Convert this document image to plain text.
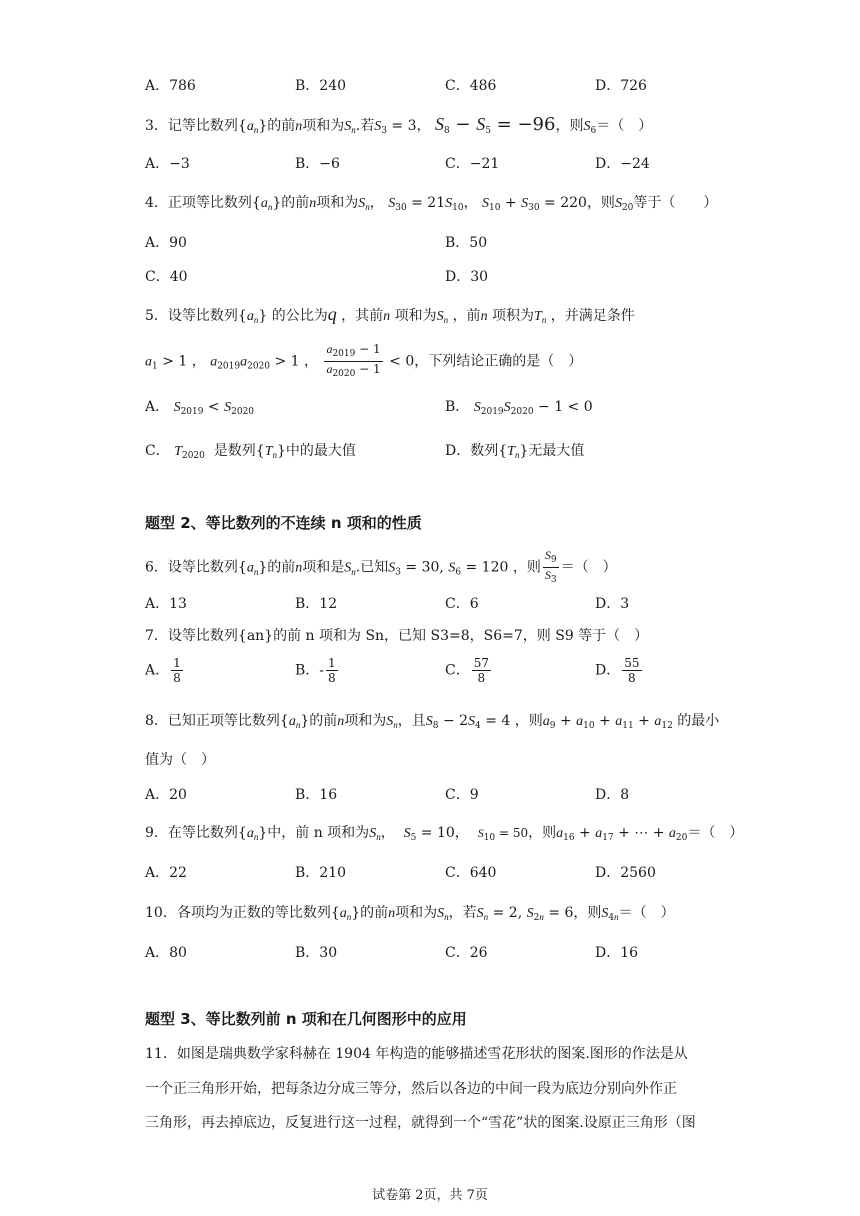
A．786	B．240	C．486	D．726
3．记等比数列$\{a_n\}$的前n项和为$S_n$.若$S_3 = 3$， $S_8 - S_5 = -96$，则$S_6=$（　）
A．−3	B．−6	C．−21	D．−24
4．正项等比数列$\{a_n\}$的前n项和为$S_n$， $S_{30} = 21S_{10}$， $S_{10} + S_{30} = 220$，则$S_{20}$等于（　　）
A．90	B．50
C．40	D．30
5．设等比数列$\{a_n\}$ 的公比为q ，其前n 项和为$S_n$ ，前n 项积为$T_n$ ，并满足条件
$a_1 > 1$ ， $a_{2019}a_{2020} > 1$ ， $\frac{a_{2019} - 1}{a_{2020} - 1} < 0$，下列结论正确的是（　）
A． $S_{2019} < S_{2020}$	B． $S_{2019}S_{2020} - 1 < 0$
C． $T_{2020}$ 是数列$\{T_n\}$中的最大值	D．数列$\{T_n\}$无最大值
题型 2、等比数列的不连续 n 项和的性质
6．设等比数列$\{a_n\}$的前n项和是$S_n$.已知$S_3 = 30$, $S_6 = 120$ ，则 $\frac{S_9}{S_3}$ ＝（　）
A．13	B．12	C．6	D．3
7．设等比数列{an}的前 n 项和为 Sn，已知 S3=8，S6=7，则 S9 等于（　）
A． $\frac{1}{8}$	B．- $\frac{1}{8}$	C． $\frac{57}{8}$	D． $\frac{55}{8}$
8．已知正项等比数列$\{a_n\}$的前n项和为$S_n$，且$S_8 - 2S_4 = 4$ ，则$a_9 + a_{10} + a_{11} + a_{12}$ 的最小
值为（　）
A．20	B．16	C．9	D．8
9．在等比数列$\{a_n\}$中，前 n 项和为$S_n$， $S_5 = 10$， $S_{10} = 50$，则$a_{16} + a_{17}$ + ⋯ + $a_{20}=$（　）
A．22	B．210	C．640	D．2560
10．各项均为正数的等比数列$\{a_n\}$的前n项和为$S_n$，若$S_n = 2$, $S_{2n} = 6$，则$S_{4n}=$（　）
A．80	B．30	C．26	D．16
题型 3、等比数列前 n 项和在几何图形中的应用
11．如图是瑞典数学家科赫在 1904 年构造的能够描述雪花形状的图案.图形的作法是从
一个正三角形开始，把每条边分成三等分，然后以各边的中间一段为底边分别向外作正
三角形，再去掉底边，反复进行这一过程，就得到一个“雪花”状的图案.设原正三角形（图
试卷第 2页，共 7页
